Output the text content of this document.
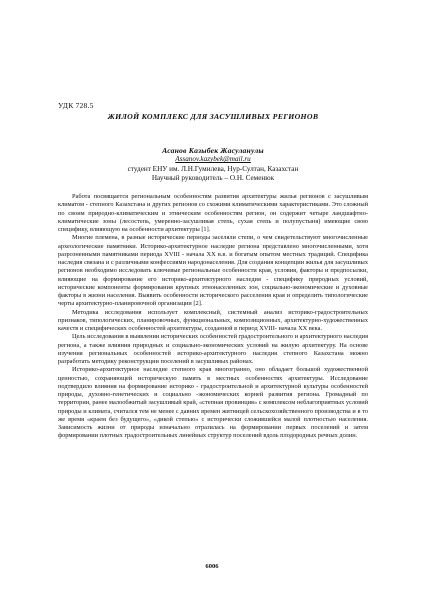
УДК 728.5
ЖИЛОЙ КОМПЛЕКС ДЛЯ ЗАСУШЛИВЫХ РЕГИОНОВ
Асанов Казыбек Жасуланулы
Assanov.kazybek@mail.ru
студент ЕНУ им. Л.Н.Гумилева, Нур-Султан, Казахстан
Научный руководитель – О.Н. Семенюк

Работа посвящается региональным особенностям развития архитектуры жилья регионов с засушливым климатом - степного Казахстана и других регионов со схожими климатическими характеристиками. Это сложный по своим природно-климатическим и этническим особенностям регион, он содержит четыре ландшафтно-климатические зоны (лесостепь, умеренно-засушливая степь, сухая степь и полупустыня) имеющие свою специфику, влияющую на особенности архитектуры [1].

Многие племена, в разные исторические периоды заселяли степи, о чем свидетельствуют многочисленные археологические памятники. Историко-архитектурное наследие региона представлено многочисленными, хотя разрозненными памятниками периода XVIII - начала XX в.в. и богатым опытом местных традиций. Специфика наследия связана и с различными конфессиями народонаселения. Для создания концепции жилья для засушливых регионов необходимо исследовать ключевые региональные особенности края, условия, факторы и предпосылки, влияющие на формирование его историко-архитектурного наследия - специфику природных условий, исторические компоненты формирования крупных этнонаселенных зон, социально-экономические и духовные факторы в жизни населения. Выявить особенности исторического расселения края и определить типологические черты архитектурно-планировочной организации [2].

Методика исследования использует комплексный, системный анализ историко-градостроительных признаков, типологических, планировочных, функциональных, композиционных, архитектурно-художественных качеств и специфических особенностей архитектуры, созданной в период XVIII- начала XX века.

Цель исследования в выявлении исторических особенностей градостроительного и архитектурного наследия региона, а также влияния природных и социально-экономических условий на жилую архитектуру. На основе изучения региональных особенностей историко-архитектурного наследия степного Казахстана можно разработать методику реконструкции поселений в засушливых районах.

Историко-архитектурное наследие степного края многогранно, оно обладает большой художественной ценностью, сохраняющей историческую память в местных особенностях архитектуры. Исследование подтвердило влияния на формирование историко - градостроительной и архитектурной культуры особенностей природы, духовно-генетических и социально -экономических корней развития региона. Громадный по территории, ранее малообжитый засушливый край, «степная провинция» с комплексом неблагоприятных условий природы и климата, считался тем не менее с давних времен житницей сельскохозяйственного производства и в то же время «краем без будущего», «дикой степью» с исторически сложившейся малой плотностью населения. Зависимость жизни от природы изначально отразилась на формировании первых поселений и затем формировании плотных градостроительных линейных структур поселений вдоль плодородных речных долин.

6006
